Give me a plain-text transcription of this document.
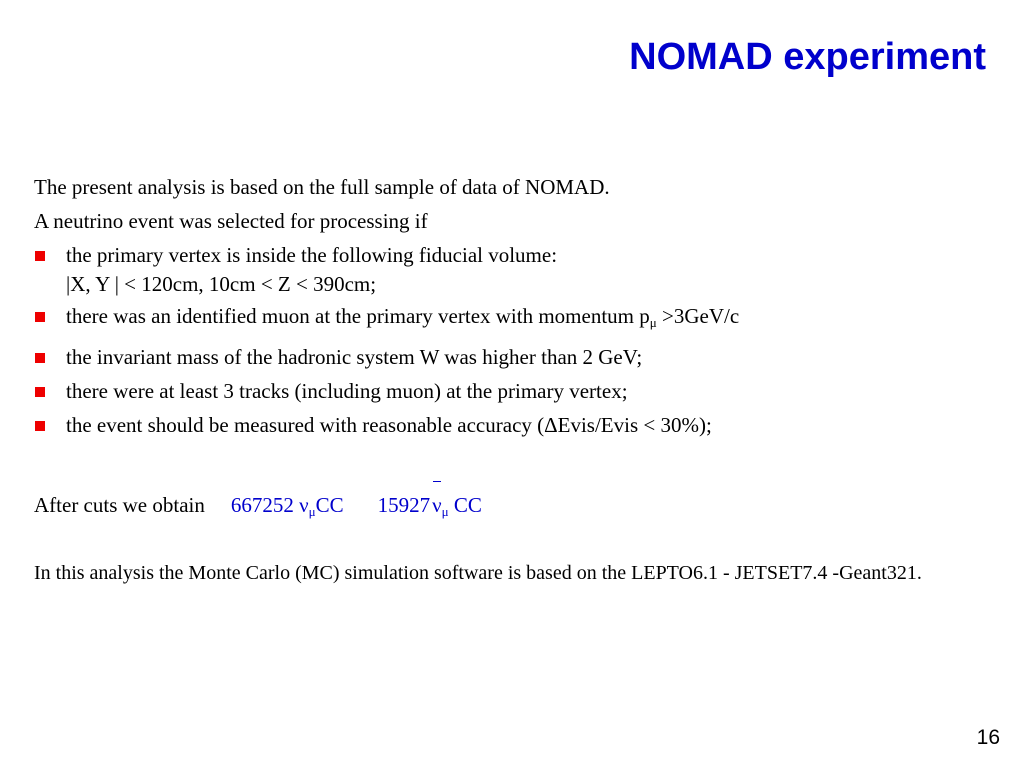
NOMAD experiment

The present analysis is based on the full sample of data of NOMAD.

A neutrino event was selected for processing if

the primary vertex is inside the following fiducial volume:
|X, Y | < 120cm, 10cm < Z < 390cm;
there was an identified muon at the primary vertex with momentum $p_\mu >3GeV/c$
the invariant mass of the hadronic system W was higher than 2 GeV;
there were at least 3 tracks (including muon) at the primary vertex;
the event should be measured with reasonable accuracy (ΔEvis/Evis < 30%);

After cuts we obtain 667252 $\nu_\mu CC$ $15927\nu_\mu$ CC

In this analysis the Monte Carlo (MC) simulation software is based on the LEPTO6.1 - JETSET7.4 -Geant321.

16
